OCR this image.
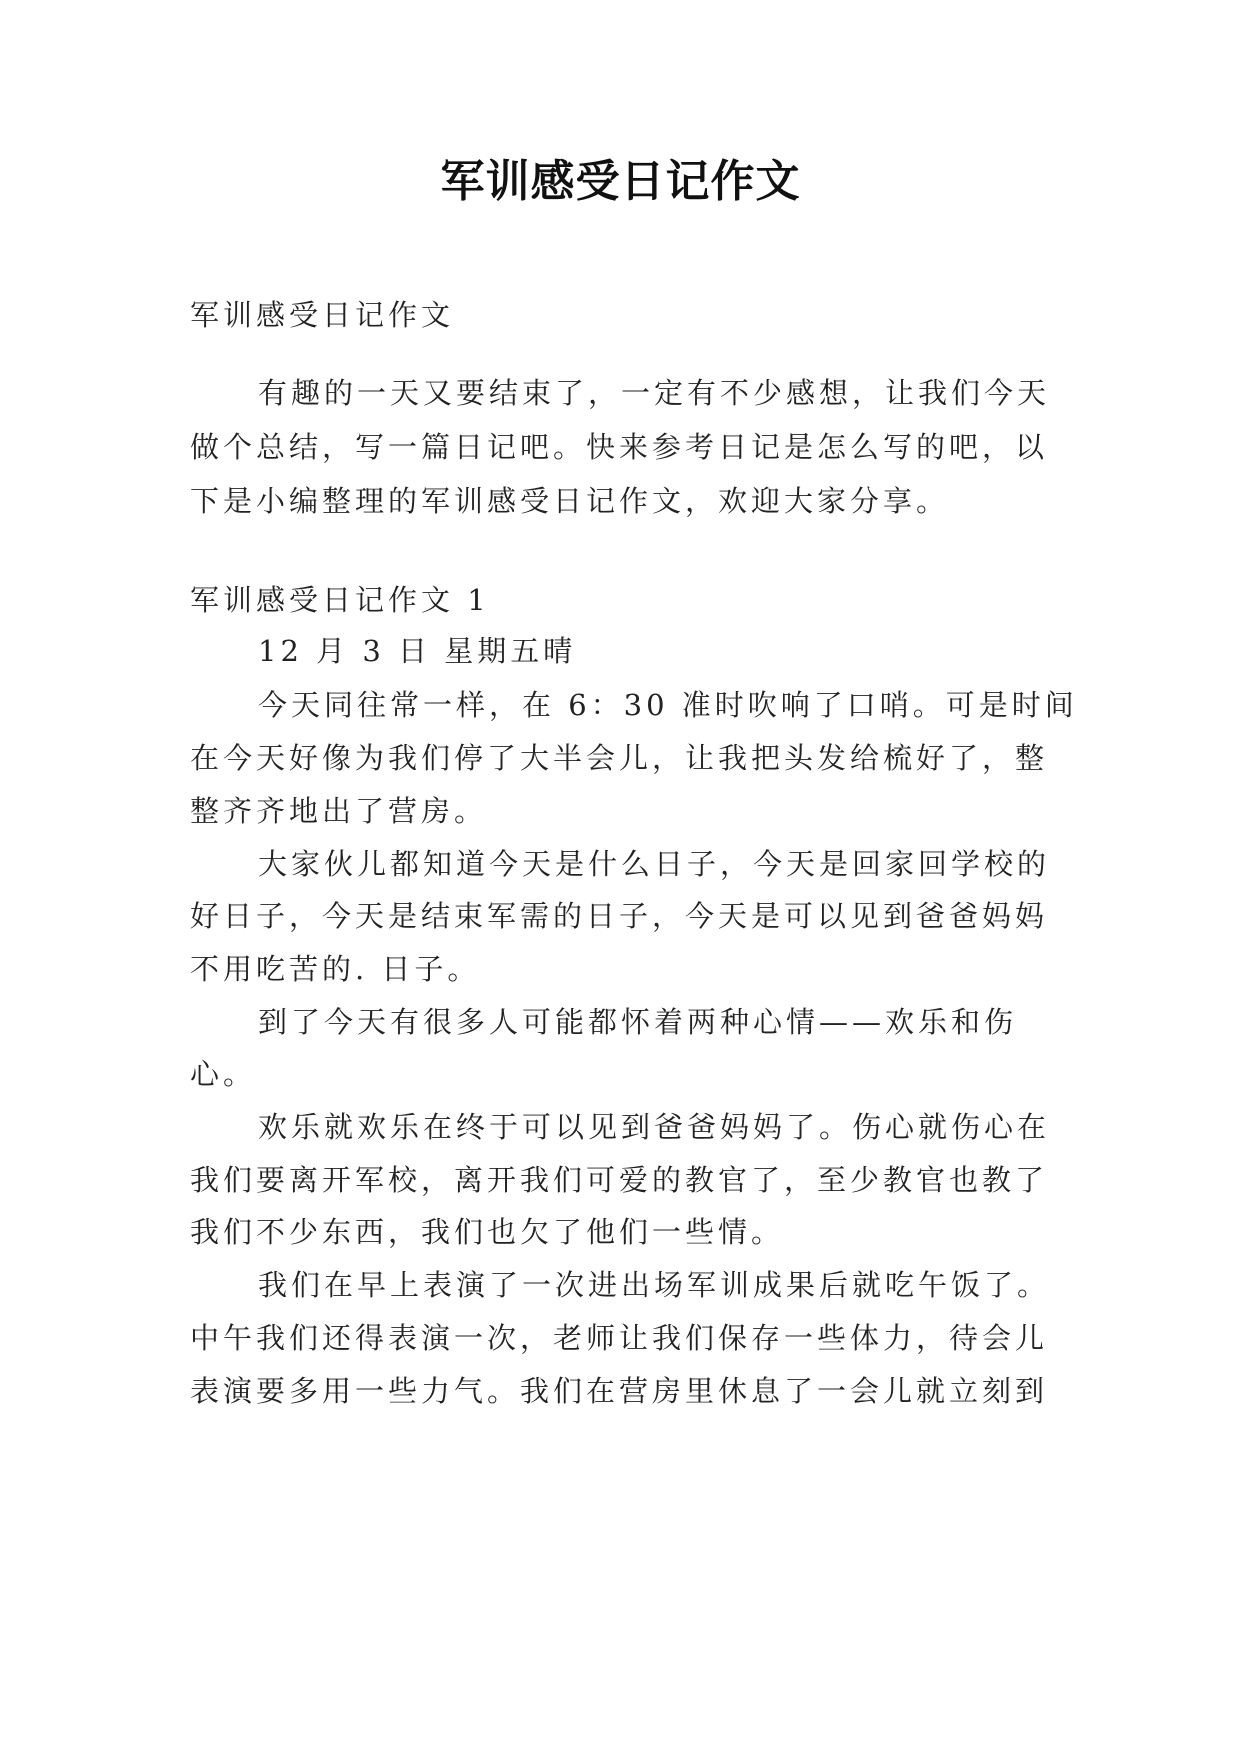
军训感受日记作文

军训感受日记作文

有趣的一天又要结束了，一定有不少感想，让我们今天

做个总结，写一篇日记吧。快来参考日记是怎么写的吧，以

下是小编整理的军训感受日记作文，欢迎大家分享。

军训感受日记作文 1

12 月 3 日 星期五晴

今天同往常一样，在 6：30 准时吹响了口哨。可是时间

在今天好像为我们停了大半会儿，让我把头发给梳好了，整

整齐齐地出了营房。

大家伙儿都知道今天是什么日子，今天是回家回学校的

好日子，今天是结束军需的日子，今天是可以见到爸爸妈妈

不用吃苦的. 日子。

到了今天有很多人可能都怀着两种心情——欢乐和伤

心。

欢乐就欢乐在终于可以见到爸爸妈妈了。伤心就伤心在

我们要离开军校，离开我们可爱的教官了，至少教官也教了

我们不少东西，我们也欠了他们一些情。

我们在早上表演了一次进出场军训成果后就吃午饭了。

中午我们还得表演一次，老师让我们保存一些体力，待会儿

表演要多用一些力气。我们在营房里休息了一会儿就立刻到
